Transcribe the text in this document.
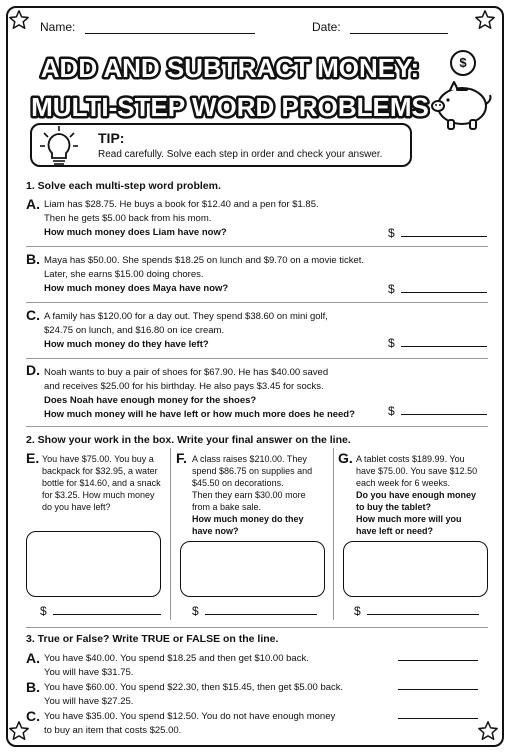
Name:	Date:
ADD AND SUBTRACT MONEY:
MULTI-STEP WORD PROBLEMS
$
TIP:
Read carefully. Solve each step in order and check your answer.
1. Solve each multi-step word problem.
A. Liam has $28.75. He buys a book for $12.40 and a pen for $1.85.
Then he gets $5.00 back from his mom.
How much money does Liam have now?	$
B. Maya has $50.00. She spends $18.25 on lunch and $9.70 on a movie ticket.
Later, she earns $15.00 doing chores.
How much money does Maya have now?	$
C. A family has $120.00 for a day out. They spend $38.60 on mini golf,
$24.75 on lunch, and $16.80 on ice cream.
How much money do they have left?	$
D. Noah wants to buy a pair of shoes for $67.90. He has $40.00 saved
and receives $25.00 for his birthday. He also pays $3.45 for socks.
Does Noah have enough money for the shoes?
How much money will he have left or how much more does he need?	$
2. Show your work in the box. Write your final answer on the line.
E. You have $75.00. You buy a
backpack for $32.95, a water
bottle for $14.60, and a snack
for $3.25. How much money
do you have left?
$
F. A class raises $210.00. They
spend $86.75 on supplies and
$45.50 on decorations.
Then they earn $30.00 more
from a bake sale.
How much money do they
have now?
$
G. A tablet costs $189.99. You
have $75.00. You save $12.50
each week for 6 weeks.
Do you have enough money
to buy the tablet?
How much more will you
have left or need?
$
3. True or False? Write TRUE or FALSE on the line.
A. You have $40.00. You spend $18.25 and then get $10.00 back.
You will have $31.75.
B. You have $60.00. You spend $22.30, then $15.45, then get $5.00 back.
You will have $27.25.
C. You have $35.00. You spend $12.50. You do not have enough money
to buy an item that costs $25.00.
